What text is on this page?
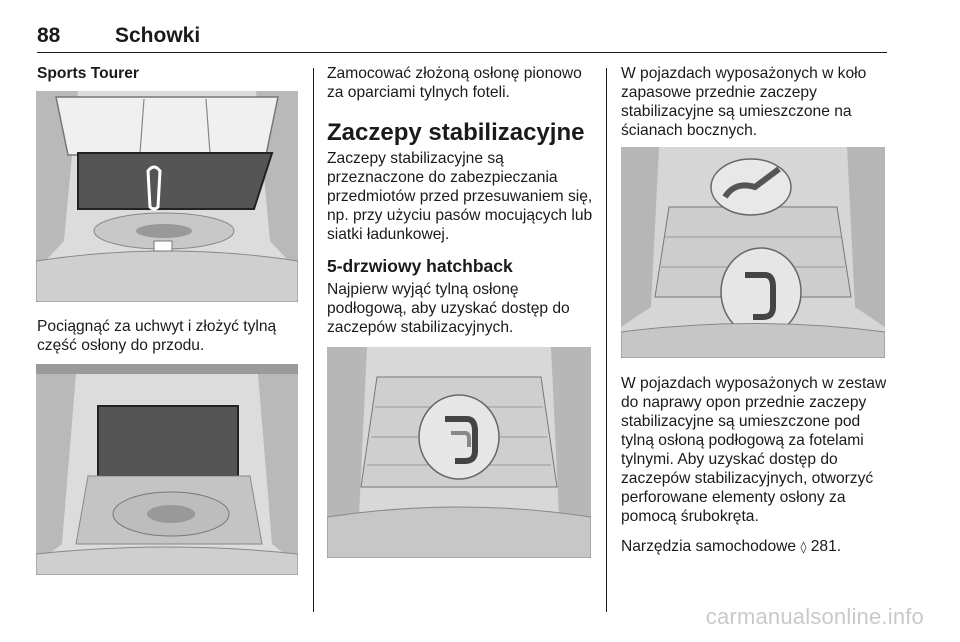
88	Schowki
Sports Tourer

Pociągnąć za uchwyt i złożyć tylną część osłony do przodu.

Zamocować złożoną osłonę pionowo za oparciami tylnych foteli.

Zaczepy stabilizacyjne

Zaczepy stabilizacyjne są przeznaczone do zabezpieczania przedmiotów przed przesuwaniem się, np. przy użyciu pasów mocujących lub siatki ładunkowej.

5-drzwiowy hatchback

Najpierw wyjąć tylną osłonę podłogową, aby uzyskać dostęp do zaczepów stabilizacyjnych.

W pojazdach wyposażonych w koło zapasowe przednie zaczepy stabilizacyjne są umieszczone na ścianach bocznych.

W pojazdach wyposażonych w zestaw do naprawy opon przednie zaczepy stabilizacyjne są umieszczone pod tylną osłoną podłogową za fotelami tylnymi. Aby uzyskać dostęp do zaczepów stabilizacyjnych, otworzyć perforowane elementy osłony za pomocą śrubokręta.

Narzędzia samochodowe ◊ 281.

carmanualsonline.info
